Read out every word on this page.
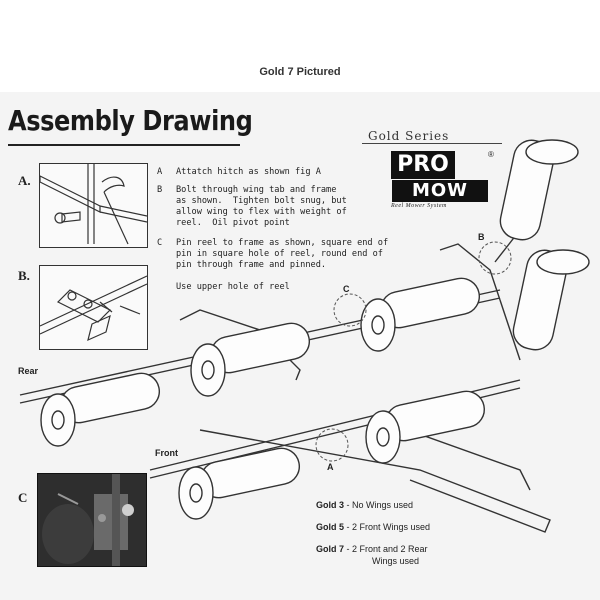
Gold 7 Pictured
Assembly Drawing	Gold Series
PRO
MOW
®
Reel Mower System
A.
B.
A Attatch hitch as shown fig A
B Bolt through wing tab and frame
as shown.  Tighten bolt snug, but
allow wing to flex with weight of
reel.  Oil pivot point
C Pin reel to frame as shown, square end of
pin in square hole of reel, round end of
pin through frame and pinned.

Use upper hole of reel	C
A
B
Rear
Front
C	Gold 3 - No Wings used
Gold 5 - 2 Front Wings used
Gold 7 - 2 Front and 2 Rear
Wings used
